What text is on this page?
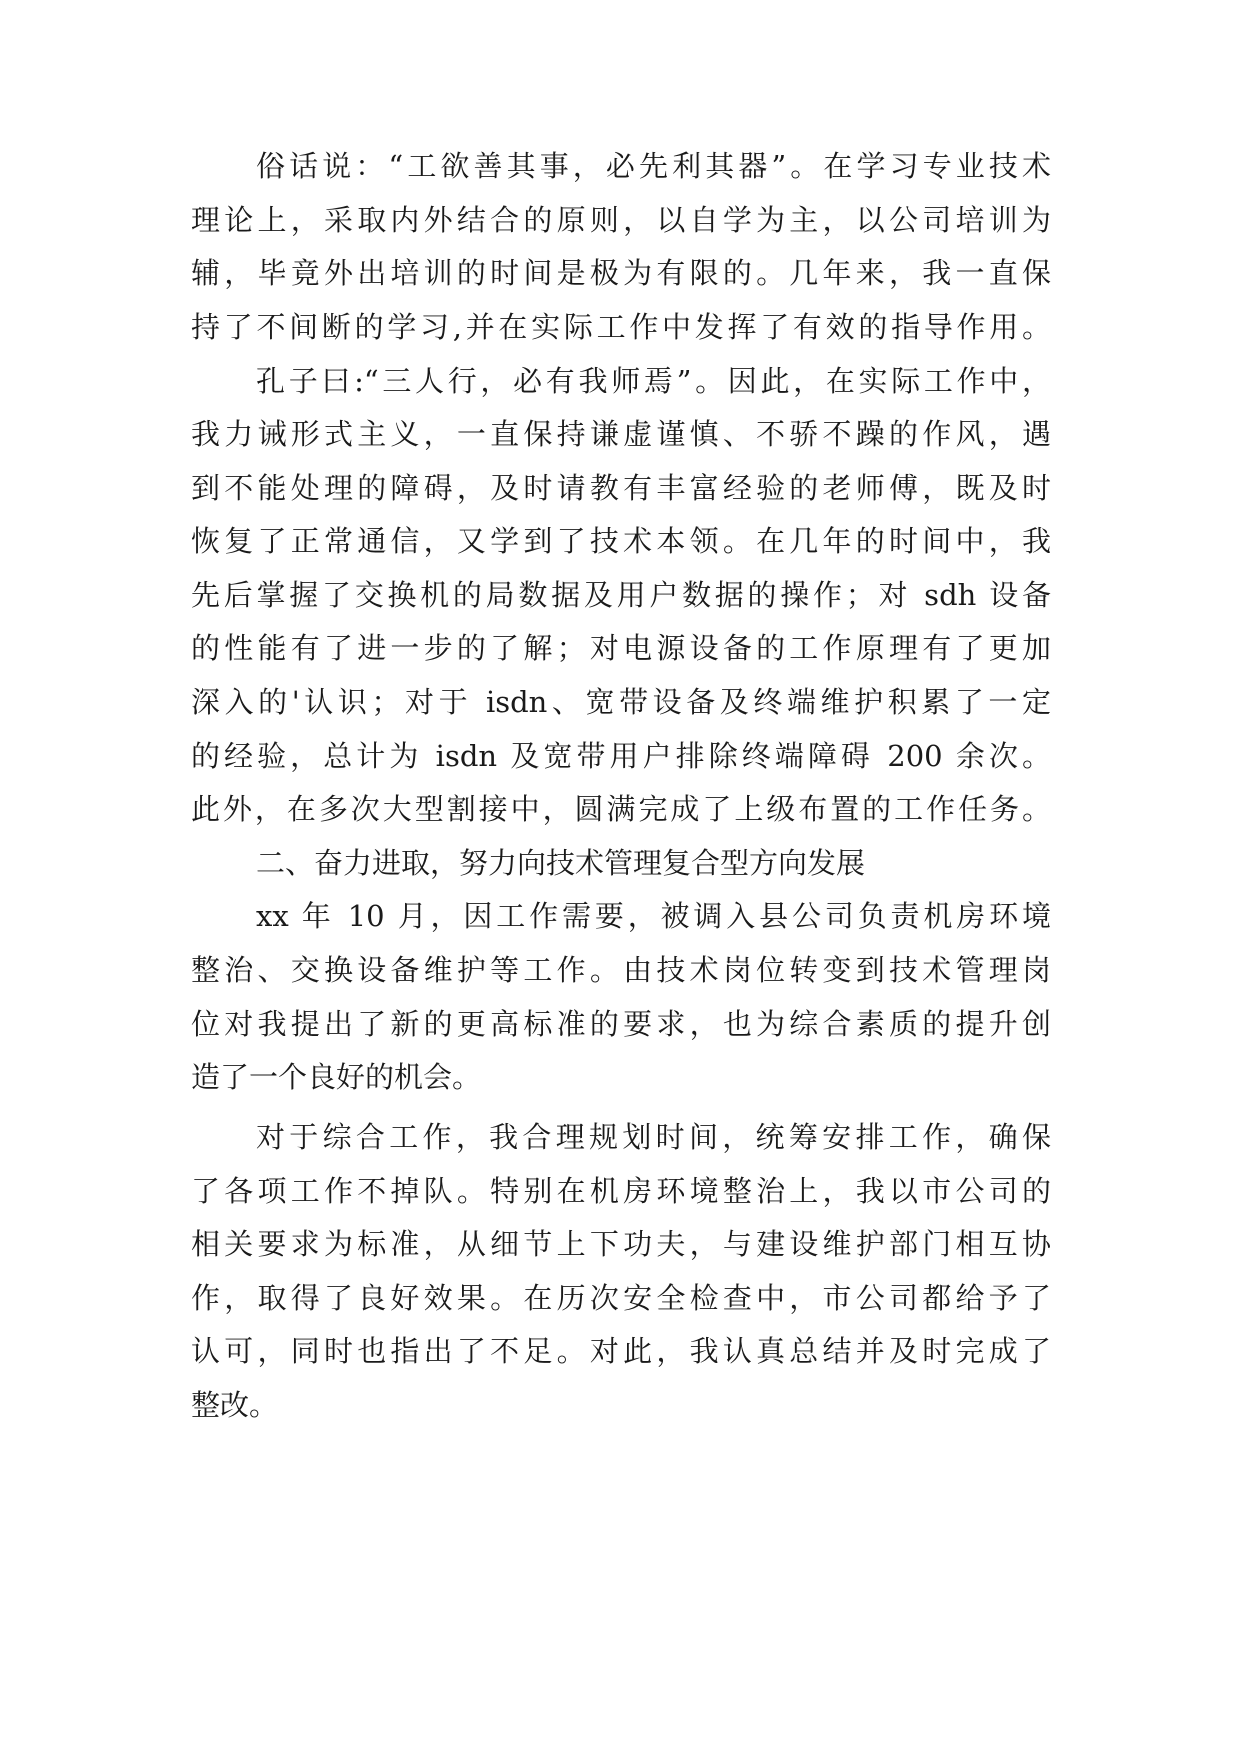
俗话说：“工欲善其事，必先利其器”。在学习专业技术
理论上，采取内外结合的原则，以自学为主，以公司培训为
辅，毕竟外出培训的时间是极为有限的。几年来，我一直保
持了不间断的学习,并在实际工作中发挥了有效的指导作用。
孔子曰:“三人行，必有我师焉”。因此，在实际工作中，
我力诫形式主义，一直保持谦虚谨慎、不骄不躁的作风，遇
到不能处理的障碍，及时请教有丰富经验的老师傅，既及时
恢复了正常通信，又学到了技术本领。在几年的时间中，我
先后掌握了交换机的局数据及用户数据的操作；对 sdh 设备
的性能有了进一步的了解；对电源设备的工作原理有了更加
深入的'认识；对于 isdn、宽带设备及终端维护积累了一定
的经验，总计为 isdn 及宽带用户排除终端障碍 200 余次。
此外，在多次大型割接中，圆满完成了上级布置的工作任务。
二、奋力进取，努力向技术管理复合型方向发展
xx 年 10 月，因工作需要，被调入县公司负责机房环境
整治、交换设备维护等工作。由技术岗位转变到技术管理岗
位对我提出了新的更高标准的要求，也为综合素质的提升创
造了一个良好的机会。
对于综合工作，我合理规划时间，统筹安排工作，确保
了各项工作不掉队。特别在机房环境整治上，我以市公司的
相关要求为标准，从细节上下功夫，与建设维护部门相互协
作，取得了良好效果。在历次安全检查中，市公司都给予了
认可，同时也指出了不足。对此，我认真总结并及时完成了
整改。
